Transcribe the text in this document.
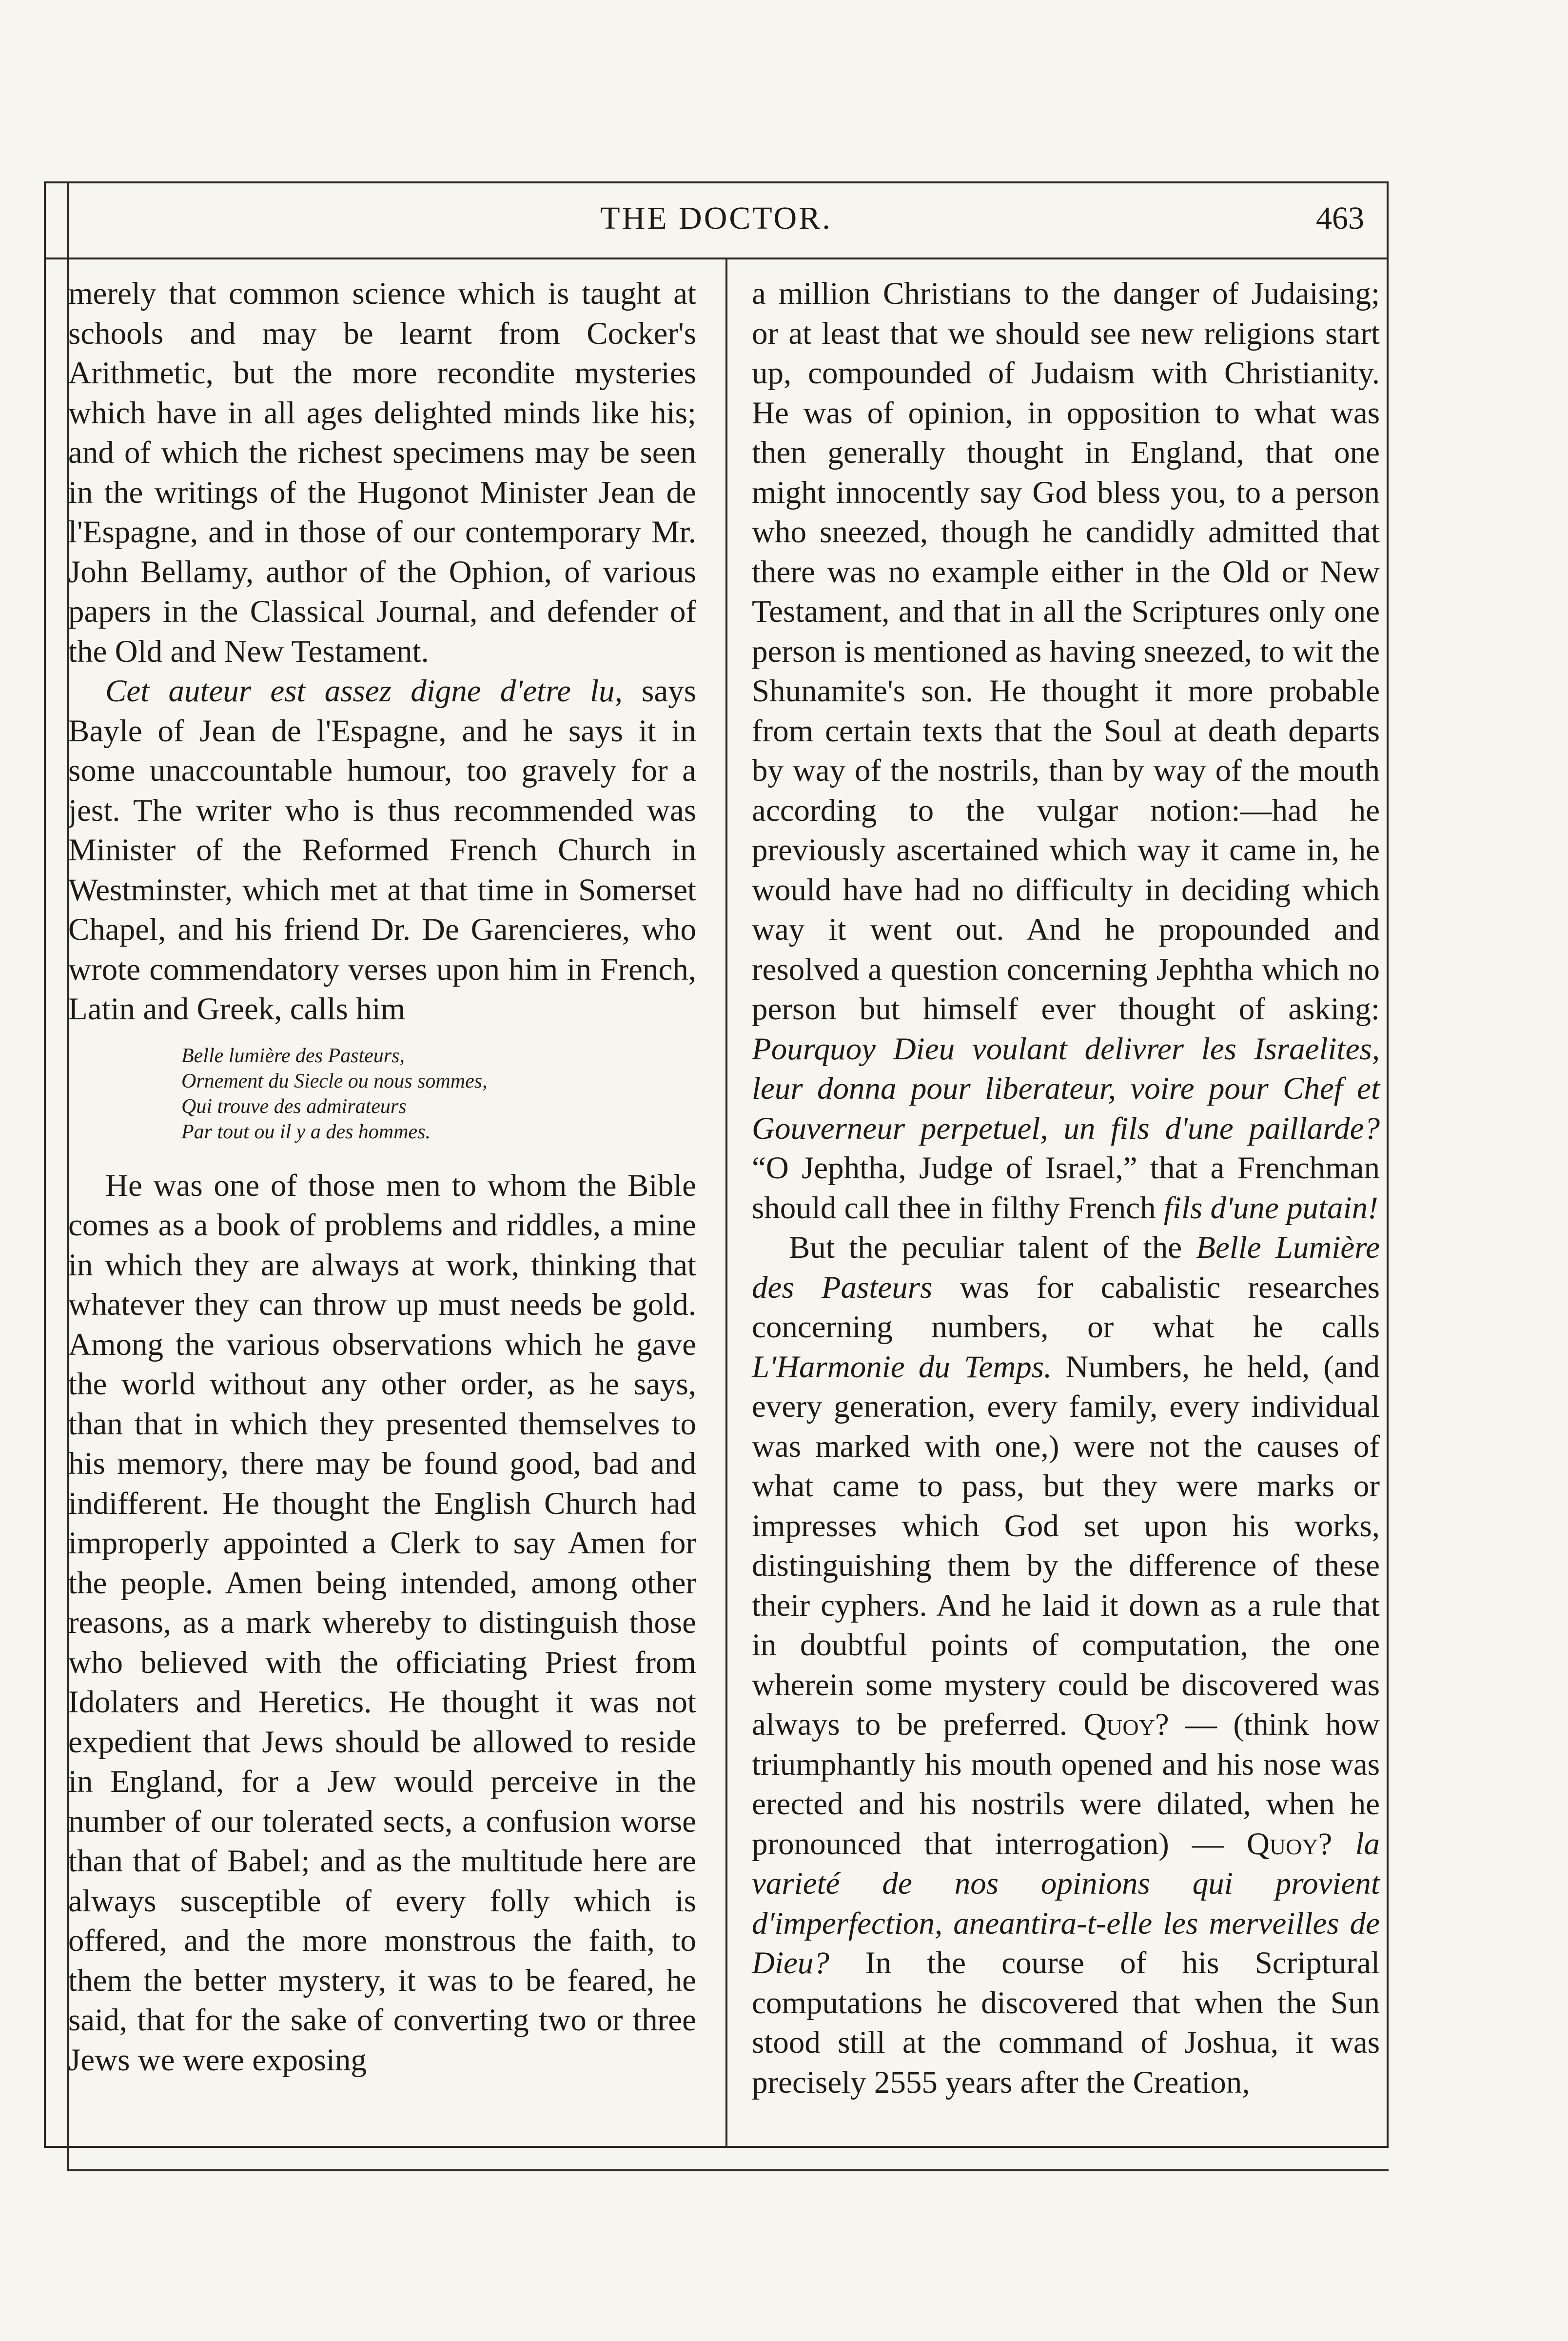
THE DOCTOR.	463

merely that common science which is taught at schools and may be learnt from Cocker's Arithmetic, but the more recondite mysteries which have in all ages delighted minds like his; and of which the richest specimens may be seen in the writings of the Hugonot Minister Jean de l'Espagne, and in those of our contemporary Mr. John Bellamy, author of the Ophion, of various papers in the Classical Journal, and defender of the Old and New Testament.

Cet auteur est assez digne d'etre lu, says Bayle of Jean de l'Espagne, and he says it in some unaccountable humour, too gravely for a jest. The writer who is thus recommended was Minister of the Reformed French Church in Westminster, which met at that time in Somerset Chapel, and his friend Dr. De Garencieres, who wrote commendatory verses upon him in French, Latin and Greek, calls him

Belle lumière des Pasteurs,
Ornement du Siecle ou nous sommes,
Qui trouve des admirateurs
Par tout ou il y a des hommes.

He was one of those men to whom the Bible comes as a book of problems and riddles, a mine in which they are always at work, thinking that whatever they can throw up must needs be gold. Among the various observations which he gave the world without any other order, as he says, than that in which they presented themselves to his memory, there may be found good, bad and indifferent. He thought the English Church had improperly appointed a Clerk to say Amen for the people. Amen being intended, among other reasons, as a mark whereby to distinguish those who believed with the officiating Priest from Idolaters and Heretics. He thought it was not expedient that Jews should be allowed to reside in England, for a Jew would perceive in the number of our tolerated sects, a confusion worse than that of Babel; and as the multitude here are always susceptible of every folly which is offered, and the more monstrous the faith, to them the better mystery, it was to be feared, he said, that for the sake of converting two or three Jews we were exposing

a million Christians to the danger of Judaising; or at least that we should see new religions start up, compounded of Judaism with Christianity. He was of opinion, in opposition to what was then generally thought in England, that one might innocently say God bless you, to a person who sneezed, though he candidly admitted that there was no example either in the Old or New Testament, and that in all the Scriptures only one person is mentioned as having sneezed, to wit the Shunamite's son. He thought it more probable from certain texts that the Soul at death departs by way of the nostrils, than by way of the mouth according to the vulgar notion:—had he previously ascertained which way it came in, he would have had no difficulty in deciding which way it went out. And he propounded and resolved a question concerning Jephtha which no person but himself ever thought of asking: Pourquoy Dieu voulant delivrer les Israelites, leur donna pour liberateur, voire pour Chef et Gouverneur perpetuel, un fils d'une paillarde? “O Jephtha, Judge of Israel,” that a Frenchman should call thee in filthy French fils d'une putain!

But the peculiar talent of the Belle Lumière des Pasteurs was for cabalistic researches concerning numbers, or what he calls L'Harmonie du Temps. Numbers, he held, (and every generation, every family, every individual was marked with one,) were not the causes of what came to pass, but they were marks or impresses which God set upon his works, distinguishing them by the difference of these their cyphers. And he laid it down as a rule that in doubtful points of computation, the one wherein some mystery could be discovered was always to be preferred. Quoy? — (think how triumphantly his mouth opened and his nose was erected and his nostrils were dilated, when he pronounced that interrogation) — Quoy? la varieté de nos opinions qui provient d'imperfection, aneantira-t-elle les merveilles de Dieu? In the course of his Scriptural computations he discovered that when the Sun stood still at the command of Joshua, it was precisely 2555 years after the Creation,
